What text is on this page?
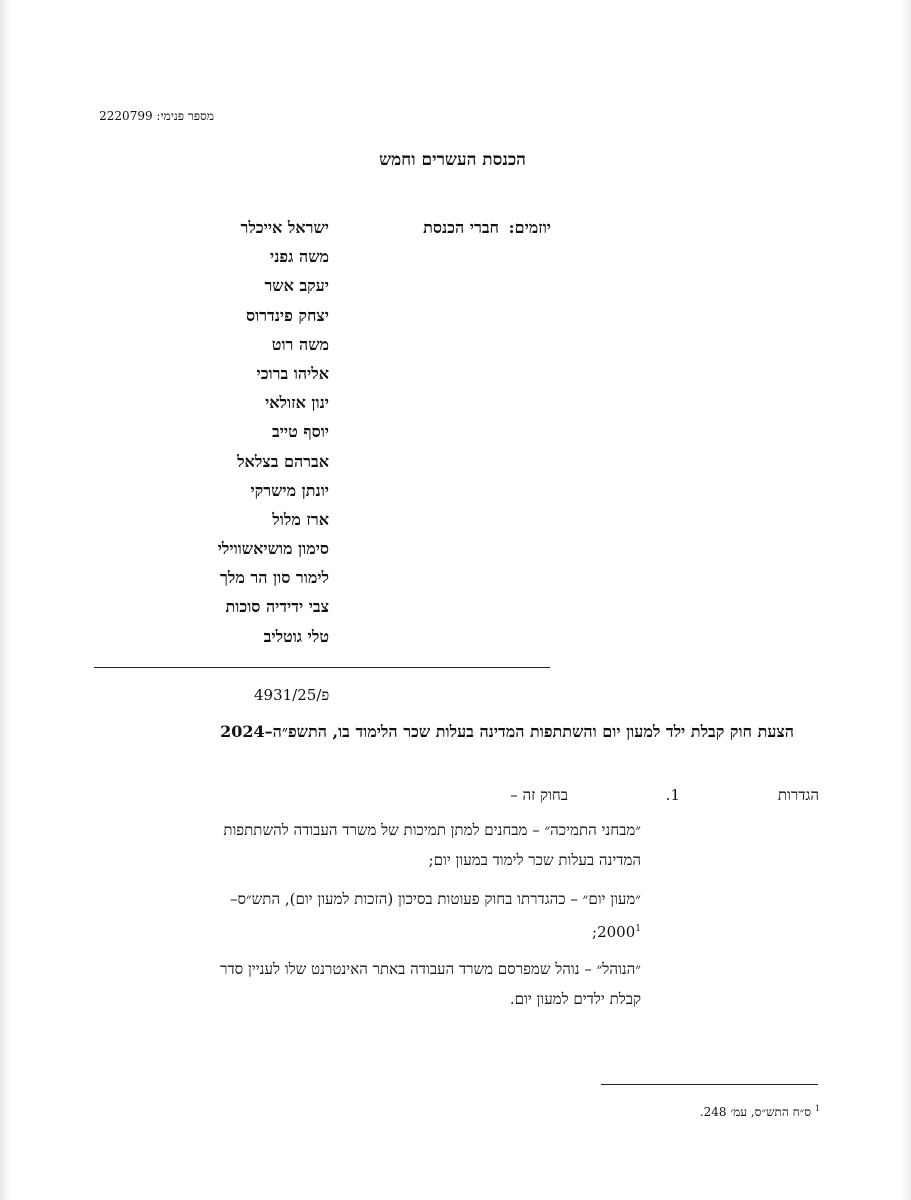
מספר פנימי: 2220799
הכנסת העשרים וחמש
יוזמים:
חברי הכנסת
ישראל אייכלר
משה גפני
יעקב אשר
יצחק פינדרוס
משה רוט
אליהו ברוכי
ינון אזולאי
יוסף טייב
אברהם בצלאל
יונתן מישרקי
ארז מלול
סימון מושיאשווילי
לימור סון הר מלך
צבי ידידיה סוכות
טלי גוטליב
פ/4931/25
הצעת חוק קבלת ילד למעון יום והשתתפות המדינה בעלות שכר הלימוד בו, התשפ״ה–2024
הגדרות
1.
בחוק זה –

״מבחני התמיכה״ – מבחנים למתן תמיכות של משרד העבודה להשתתפות

המדינה בעלות שכר לימוד במעון יום;

״מעון יום״ – כהגדרתו בחוק פעוטות בסיכון (הזכות למעון יום), התש״ס–

2000$^1$;

״הנוהל״ – נוהל שמפרסם משרד העבודה באתר האינטרנט שלו לעניין סדר

קבלת ילדים למעון יום.

$^1$ ס״ח התש״ס, עמ׳ 248.
